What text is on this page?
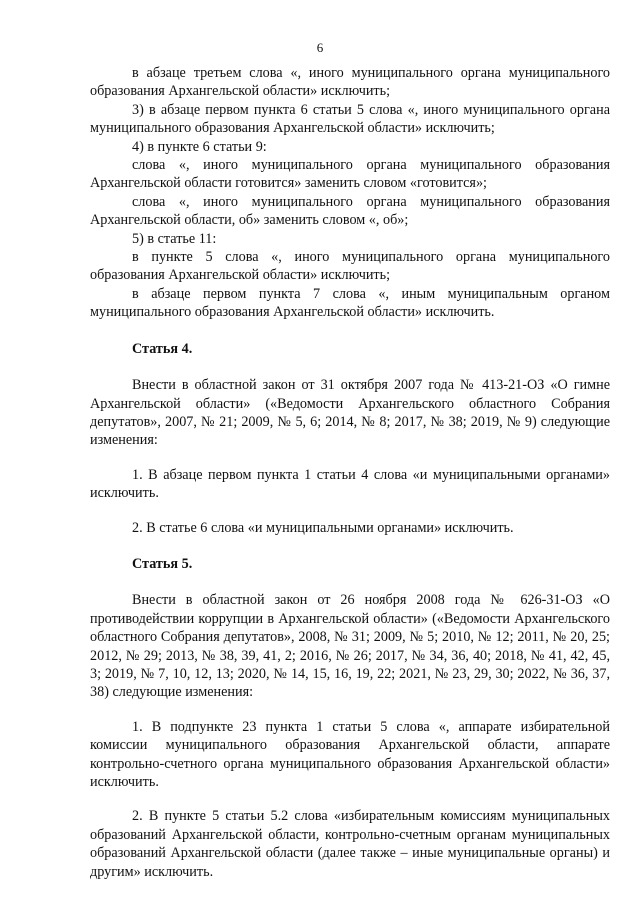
6

в абзаце третьем слова «, иного муниципального органа муниципального образования Архангельской области» исключить;

3) в абзаце первом пункта 6 статьи 5 слова «, иного муниципального органа муниципального образования Архангельской области» исключить;

4) в пункте 6 статьи 9:

слова «, иного муниципального органа муниципального образования Архангельской области готовится» заменить словом «готовится»;

слова «, иного муниципального органа муниципального образования Архангельской области, об» заменить словом «, об»;

5) в статье 11:

в пункте 5 слова «, иного муниципального органа муниципального образования Архангельской области» исключить;

в абзаце первом пункта 7 слова «, иным муниципальным органом муниципального образования Архангельской области» исключить.

Статья 4.

Внести в областной закон от 31 октября 2007 года № 413-21-ОЗ «О гимне Архангельской области» («Ведомости Архангельского областного Собрания депутатов», 2007, № 21; 2009, № 5, 6; 2014, № 8; 2017, № 38; 2019, № 9) следующие изменения:

1. В абзаце первом пункта 1 статьи 4 слова «и муниципальными органами» исключить.

2. В статье 6 слова «и муниципальными органами» исключить.

Статья 5.

Внести в областной закон от 26 ноября 2008 года № 626-31-ОЗ «О противодействии коррупции в Архангельской области» («Ведомости Архангельского областного Собрания депутатов», 2008, № 31; 2009, № 5; 2010, № 12; 2011, № 20, 25; 2012, № 29; 2013, № 38, 39, 41, 2; 2016, № 26; 2017, № 34, 36, 40; 2018, № 41, 42, 45, 3; 2019, № 7, 10, 12, 13; 2020, № 14, 15, 16, 19, 22; 2021, № 23, 29, 30; 2022, № 36, 37, 38) следующие изменения:

1. В подпункте 23 пункта 1 статьи 5 слова «, аппарате избирательной комиссии муниципального образования Архангельской области, аппарате контрольно-счетного органа муниципального образования Архангельской области» исключить.

2. В пункте 5 статьи 5.2 слова «избирательным комиссиям муниципальных образований Архангельской области, контрольно-счетным органам муниципальных образований Архангельской области (далее также – иные муниципальные органы) и другим» исключить.
